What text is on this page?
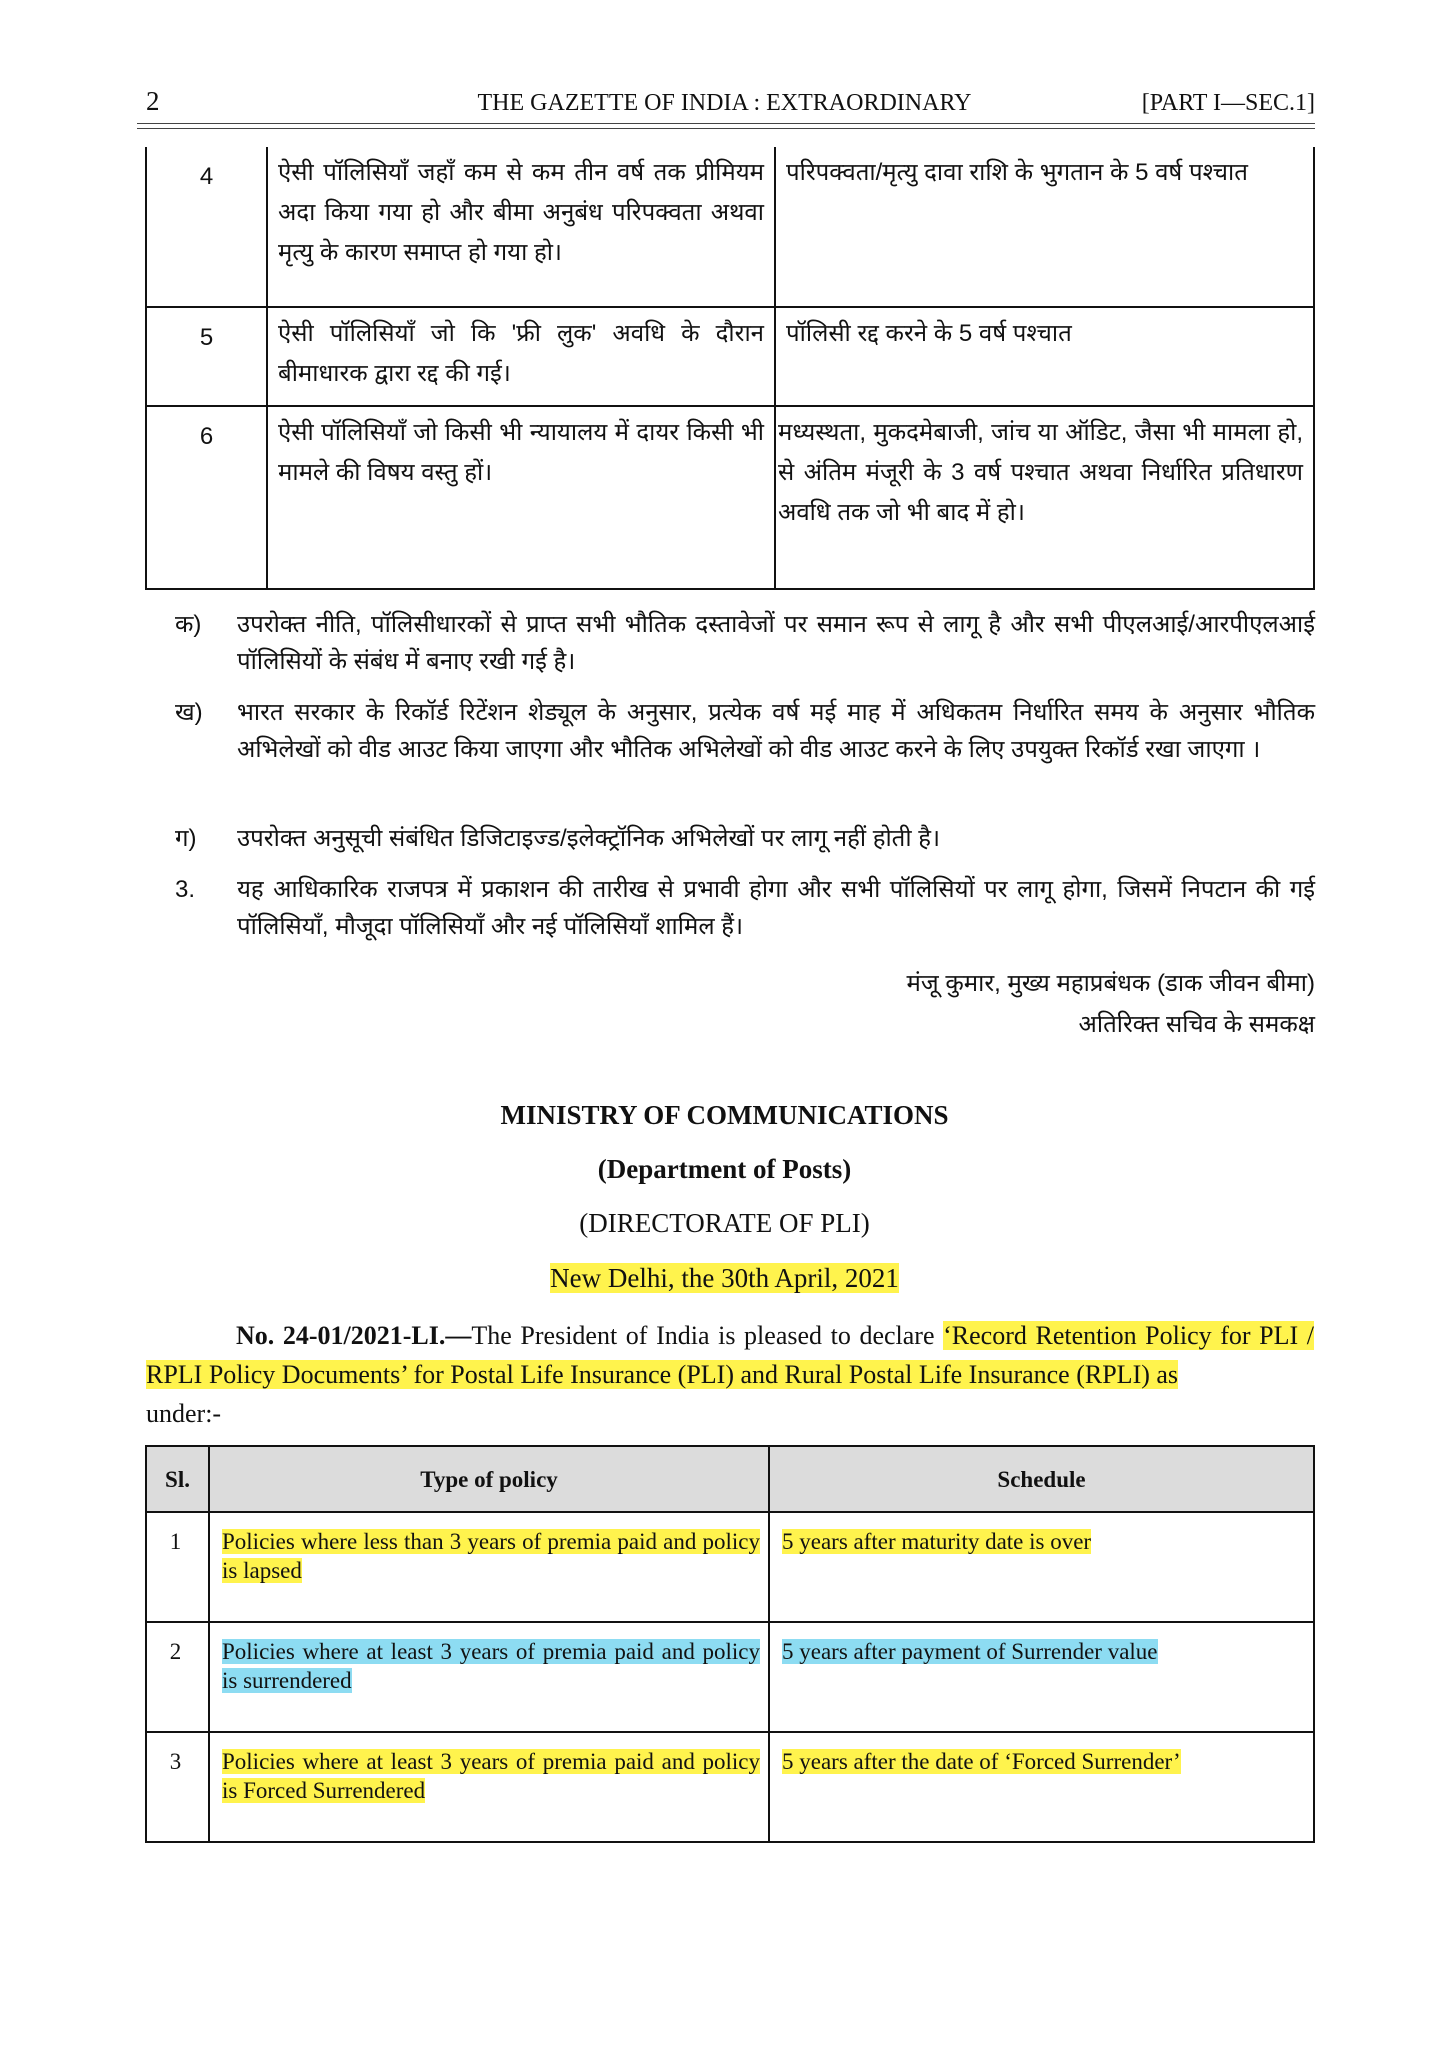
2	THE GAZETTE OF INDIA : EXTRAORDINARY	[PART I—SEC.1]
4	ऐसी पॉलिसियाँ जहाँ कम से कम तीन वर्ष तक प्रीमियम अदा किया गया हो और बीमा अनुबंध परिपक्वता अथवा मृत्यु के कारण समाप्त हो गया हो।	परिपक्वता/मृत्यु दावा राशि के भुगतान के 5 वर्ष पश्चात
5	ऐसी पॉलिसियाँ जो कि 'फ्री लुक' अवधि के दौरान बीमाधारक द्वारा रद्द की गई।	पॉलिसी रद्द करने के 5 वर्ष पश्चात
6	ऐसी पॉलिसियाँ जो किसी भी न्यायालय में दायर किसी भी मामले की विषय वस्तु हों।	मध्यस्थता, मुकदमेबाजी, जांच या ऑडिट, जैसा भी मामला हो, से अंतिम मंजूरी के 3 वर्ष पश्चात अथवा निर्धारित प्रतिधारण अवधि तक जो भी बाद में हो।
क) उपरोक्त नीति, पॉलिसीधारकों से प्राप्त सभी भौतिक दस्तावेजों पर समान रूप से लागू है और सभी पीएलआई/आरपीएलआई पॉलिसियों के संबंध में बनाए रखी गई है।
ख) भारत सरकार के रिकॉर्ड रिटेंशन शेड्यूल के अनुसार, प्रत्येक वर्ष मई माह में अधिकतम निर्धारित समय के अनुसार भौतिक अभिलेखों को वीड आउट किया जाएगा और भौतिक अभिलेखों को वीड आउट करने के लिए उपयुक्त रिकॉर्ड रखा जाएगा ।
ग) उपरोक्त अनुसूची संबंधित डिजिटाइज्ड/इलेक्ट्रॉनिक अभिलेखों पर लागू नहीं होती है।
3. यह आधिकारिक राजपत्र में प्रकाशन की तारीख से प्रभावी होगा और सभी पॉलिसियों पर लागू होगा, जिसमें निपटान की गई पॉलिसियाँ, मौजूदा पॉलिसियाँ और नई पॉलिसियाँ शामिल हैं।
मंजू कुमार, मुख्य महाप्रबंधक (डाक जीवन बीमा)
अतिरिक्त सचिव के समकक्ष
MINISTRY OF COMMUNICATIONS
(Department of Posts)
(DIRECTORATE OF PLI)
New Delhi, the 30th April, 2021
No. 24-01/2021-LI.—The President of India is pleased to declare ‘Record Retention Policy for PLI / RPLI Policy Documents’ for Postal Life Insurance (PLI) and Rural Postal Life Insurance (RPLI) as
under:-
Sl.	Type of policy	Schedule
1	Policies where less than 3 years of premia paid and policy is lapsed	5 years after maturity date is over
2	Policies where at least 3 years of premia paid and policy is surrendered	5 years after payment of Surrender value
3	Policies where at least 3 years of premia paid and policy is Forced Surrendered	5 years after the date of ‘Forced Surrender’
